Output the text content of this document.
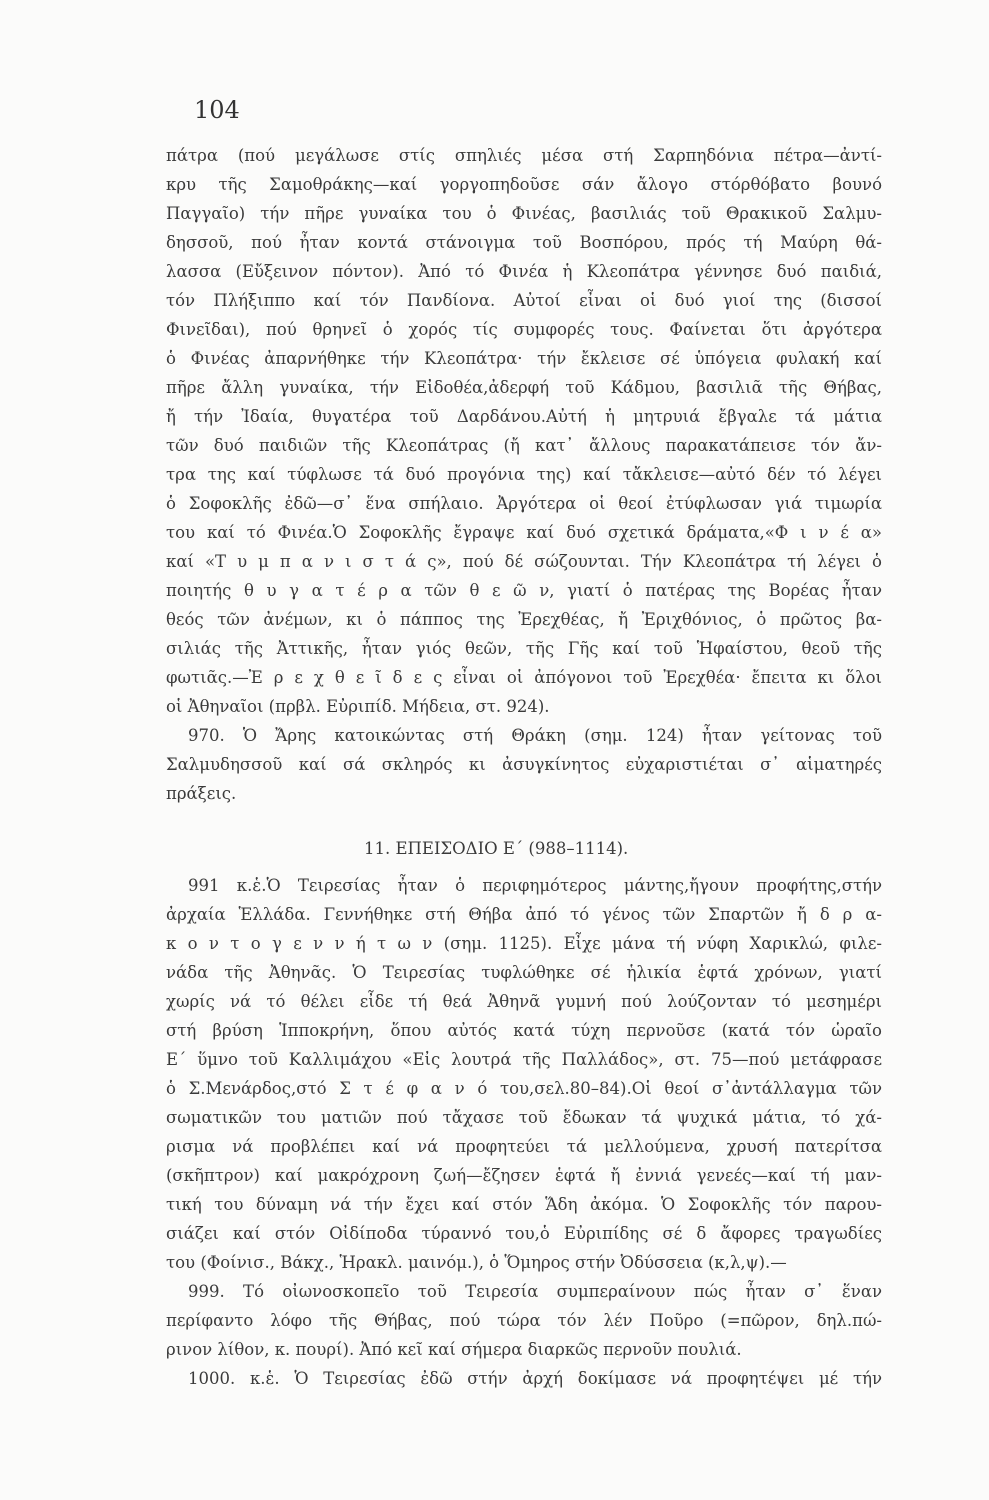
104
πάτρα (πού μεγάλωσε στίς σπηλιές μέσα στή Σαρπηδόνια πέτρα—ἀντί-
κρυ τῆς Σαμοθράκης—καί γοργοπηδοῦσε σάν ἄλογο στόρθόβατο βουνό
Παγγαῖο) τήν πῆρε γυναίκα του ὁ Φινέας, βασιλιάς τοῦ Θρακικοῦ Σαλμυ-
δησσοῦ, πού ἦταν κοντά στάνοιγμα τοῦ Βοσπόρου, πρός τή Μαύρη θά-
λασσα (Εὔξεινον πόντον). Ἀπό τό Φινέα ἡ Κλεοπάτρα γέννησε δυό παιδιά,
τόν Πλήξιππο καί τόν Πανδίονα. Αὐτοί εἶναι οἱ δυό γιοί της (δισσοί
Φινεῖδαι), πού θρηνεῖ ὁ χορός τίς συμφορές τους. Φαίνεται ὅτι ἀργότερα
ὁ Φινέας ἀπαρνήθηκε τήν Κλεοπάτρα· τήν ἔκλεισε σέ ὑπόγεια φυλακή καί
πῆρε ἄλλη γυναίκα, τήν Εἰδοθέα,ἀδερφή τοῦ Κάδμου, βασιλιᾶ τῆς Θήβας,
ἤ τήν Ἰδαία, θυγατέρα τοῦ Δαρδάνου.Αὐτή ἡ μητρυιά ἔβγαλε τά μάτια
τῶν δυό παιδιῶν τῆς Κλεοπάτρας (ἤ κατ᾽ ἄλλους παρακατάπεισε τόν ἄν-
τρα της καί τύφλωσε τά δυό προγόνια της) καί τἄκλεισε—αὐτό δέν τό λέγει
ὁ Σοφοκλῆς ἐδῶ—σ᾽ ἕνα σπήλαιο. Ἀργότερα οἱ θεοί ἐτύφλωσαν γιά τιμωρία
του καί τό Φινέα.Ὁ Σοφοκλῆς ἔγραψε καί δυό σχετικά δράματα,«Φ ι ν έ α»
καί «Τ υ μ π α ν ι σ τ ά ς», πού δέ σώζουνται. Τήν Κλεοπάτρα τή λέγει ὁ
ποιητής θ υ γ α τ έ ρ α τῶν θ ε ῶ ν, γιατί ὁ πατέρας της Βορέας ἦταν
θεός τῶν ἀνέμων, κι ὁ πάππος της Ἐρεχθέας, ἤ Ἐριχθόνιος, ὁ πρῶτος βα-
σιλιάς τῆς Ἀττικῆς, ἦταν γιός θεῶν, τῆς Γῆς καί τοῦ Ἡφαίστου, θεοῦ τῆς
φωτιᾶς.—Ἐ ρ ε χ θ ε ῖ δ ε ς εἶναι οἱ ἀπόγονοι τοῦ Ἐρεχθέα· ἔπειτα κι ὅλοι
οἱ Ἀθηναῖοι (πρβλ. Εὐριπίδ. Μήδεια, στ. 924).
970. Ὁ Ἄρης κατοικώντας στή Θράκη (σημ. 124) ἦταν γείτονας τοῦ
Σαλμυδησσοῦ καί σά σκληρός κι ἀσυγκίνητος εὐχαριστιέται σ᾽ αἱματηρές
πράξεις.
11. ΕΠΕΙΣΟΔΙΟ Ε΄ (988–1114).
991 κ.ἑ.Ὁ Τειρεσίας ἦταν ὁ περιφημότερος μάντης,ἤγουν προφήτης,στήν
ἀρχαία Ἑλλάδα. Γεννήθηκε στή Θήβα ἀπό τό γένος τῶν Σπαρτῶν ἤ δ ρ α-
κ ο ν τ ο γ ε ν ν ή τ ω ν (σημ. 1125). Εἶχε μάνα τή νύφη Χαρικλώ, φιλε-
νάδα τῆς Ἀθηνᾶς. Ὁ Τειρεσίας τυφλώθηκε σέ ἡλικία ἑφτά χρόνων, γιατί
χωρίς νά τό θέλει εἶδε τή θεά Ἀθηνᾶ γυμνή πού λούζονταν τό μεσημέρι
στή βρύση Ἱπποκρήνη, ὅπου αὐτός κατά τύχη περνοῦσε (κατά τόν ὡραῖο
Ε΄ ὕμνο τοῦ Καλλιμάχου «Εἰς λουτρά τῆς Παλλάδος», στ. 75—πού μετάφρασε
ὁ Σ.Μενάρδος,στό Σ τ έ φ α ν ό του,σελ.80–84).Οἱ θεοί σ᾽ἀντάλλαγμα τῶν
σωματικῶν του ματιῶν πού τἄχασε τοῦ ἔδωκαν τά ψυχικά μάτια, τό χά-
ρισμα νά προβλέπει καί νά προφητεύει τά μελλούμενα, χρυσή πατερίτσα
(σκῆπτρον) καί μακρόχρονη ζωή—ἔζησεν ἑφτά ἤ ἐννιά γενεές—καί τή μαν-
τική του δύναμη νά τήν ἔχει καί στόν Ἅδη ἀκόμα. Ὁ Σοφοκλῆς τόν παρου-
σιάζει καί στόν Οἰδίποδα τύραννό του,ὁ Εὐριπίδης σέ δ ἄφορες τραγωδίες
του (Φοίνισ., Βάκχ., Ἡρακλ. μαινόμ.), ὁ Ὅμηρος στήν Ὀδύσσεια (κ,λ,ψ).—
999. Τό οἰωνοσκοπεῖο τοῦ Τειρεσία συμπεραίνουν πώς ἦταν σ᾽ ἕναν
περίφαντο λόφο τῆς Θήβας, πού τώρα τόν λέν Ποῦρο (=πῶρον, δηλ.πώ-
ρινον λίθον, κ. πουρί). Ἀπό κεῖ καί σήμερα διαρκῶς περνοῦν πουλιά.
1000. κ.ἑ. Ὁ Τειρεσίας ἐδῶ στήν ἀρχή δοκίμασε νά προφητέψει μέ τήν
